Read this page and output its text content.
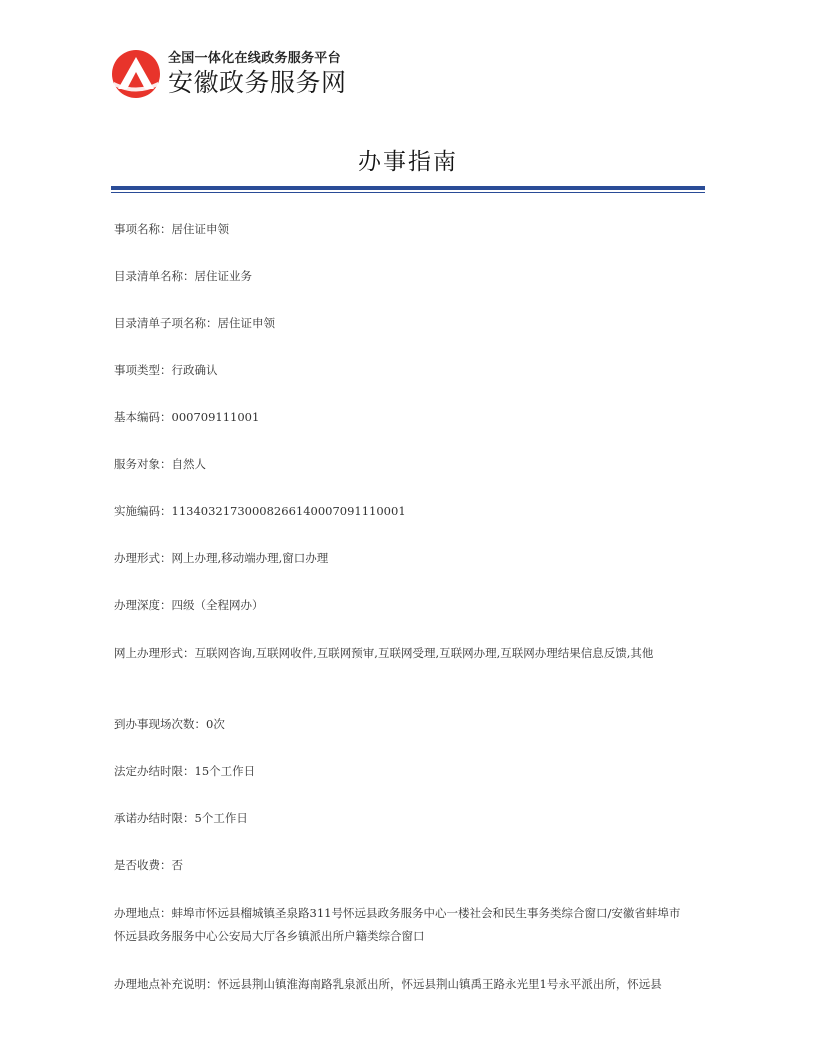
全国一体化在线政务服务平台
安徽政务服务网
办事指南
事项名称：居住证申领
目录清单名称：居住证业务
目录清单子项名称：居住证申领
事项类型：行政确认
基本编码：000709111001
服务对象：自然人
实施编码：11340321730008266140007091110001
办理形式：网上办理,移动端办理,窗口办理
办理深度：四级（全程网办）
网上办理形式：互联网咨询,互联网收件,互联网预审,互联网受理,互联网办理,互联网办理结果信息反馈,其他
到办事现场次数：0次
法定办结时限：15个工作日
承诺办结时限：5个工作日
是否收费：否
办理地点：蚌埠市怀远县榴城镇圣泉路311号怀远县政务服务中心一楼社会和民生事务类综合窗口/安徽省蚌埠市怀远县政务服务中心公安局大厅各乡镇派出所户籍类综合窗口
办理地点补充说明：怀远县荆山镇淮海南路乳泉派出所，怀远县荆山镇禹王路永光里1号永平派出所，怀远县
